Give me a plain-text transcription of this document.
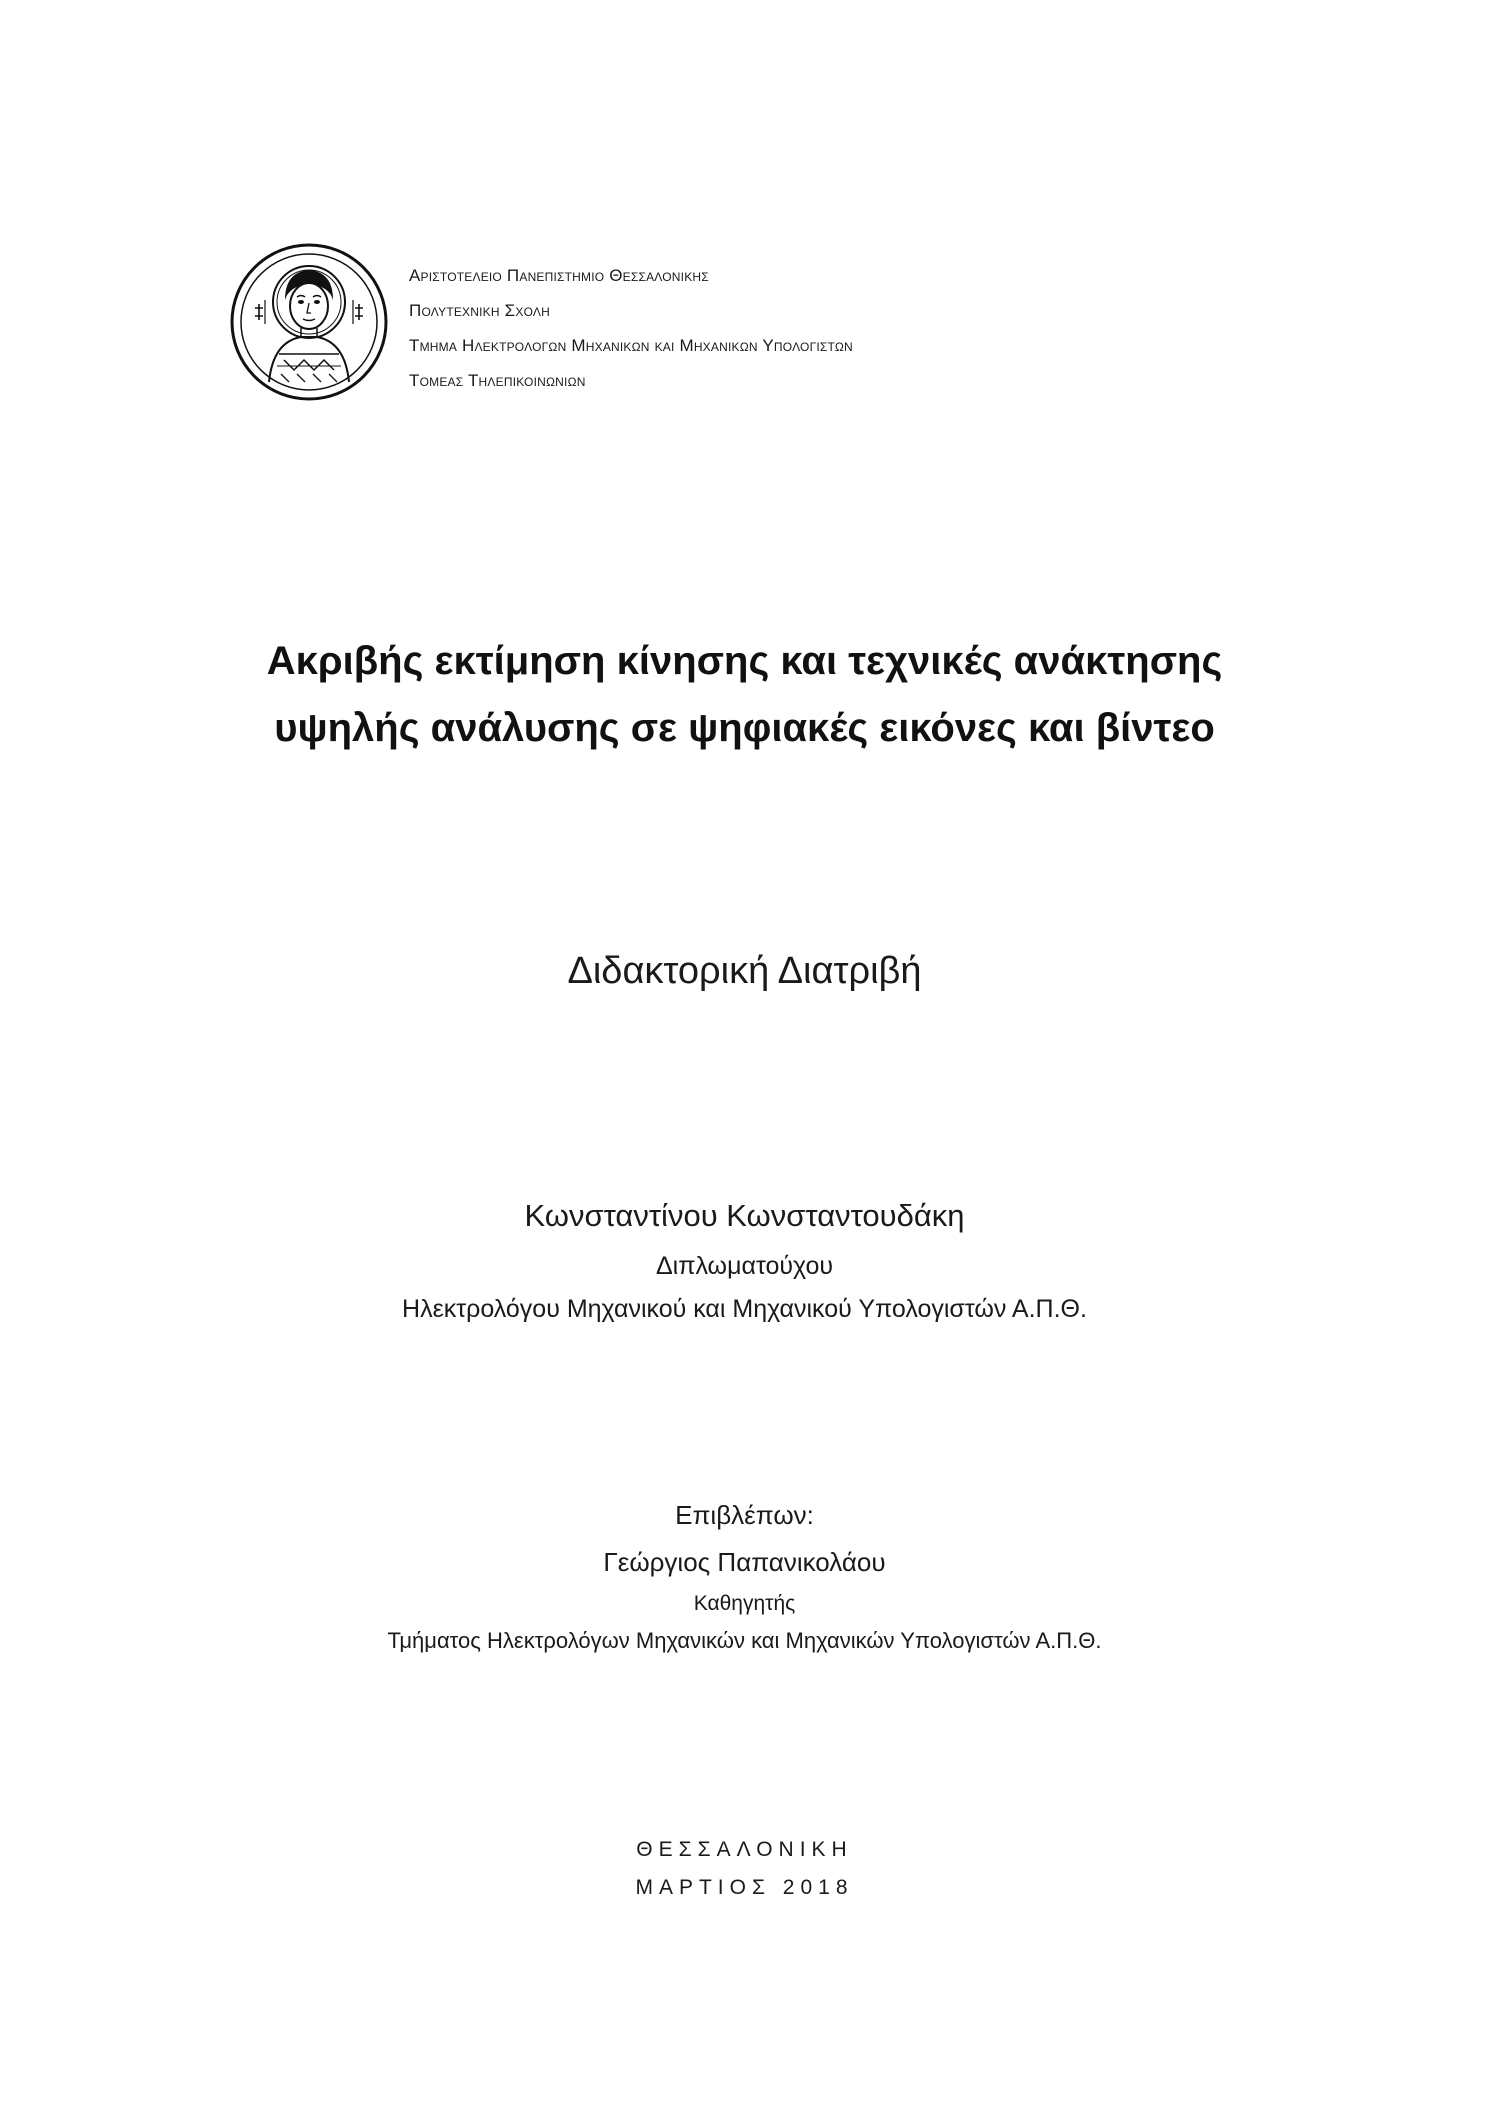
Αριστοτελειο Πανεπιστημιο Θεσσαλονικησ
Πολυτεχνικη Σχολη
Τμημα Ηλεκτρολογων Μηχανικων και Μηχανικων Υπολογιστων
Τομεασ Τηλεπικοινωνιων
Ακριβής εκτίμηση κίνησης και τεχνικές ανάκτησης
υψηλής ανάλυσης σε ψηφιακές εικόνες και βίντεο
Διδακτορική Διατριβή
Κωνσταντίνου Κωνσταντουδάκη
Διπλωματούχου
Ηλεκτρολόγου Μηχανικού και Μηχανικού Υπολογιστών Α.Π.Θ.
Επιβλέπων:
Γεώργιος Παπανικολάου
Καθηγητής
Τμήματος Ηλεκτρολόγων Μηχανικών και Μηχανικών Υπολογιστών Α.Π.Θ.
ΘΕΣΣΑΛΟΝΙΚΗ
ΜΑΡΤΙΟΣ 2018
